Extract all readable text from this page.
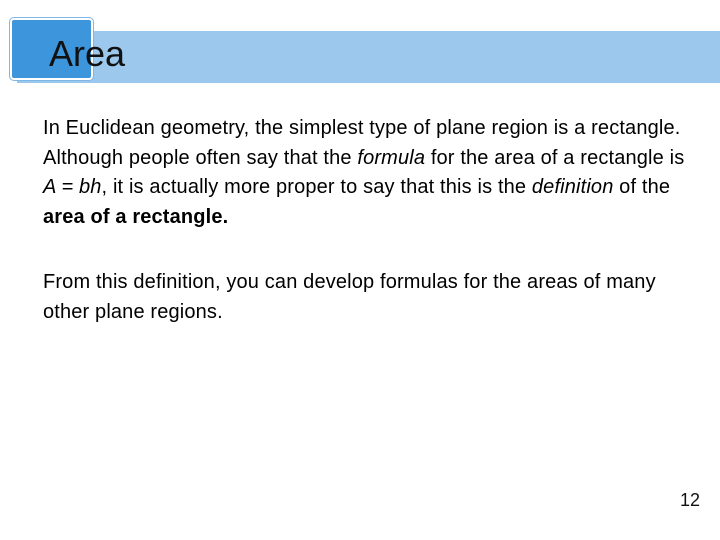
Area

In Euclidean geometry, the simplest type of plane region is a rectangle. Although people often say that the formula for the area of a rectangle is A = bh, it is actually more proper to say that this is the definition of the area of a rectangle.

From this definition, you can develop formulas for the areas of many other plane regions.

12
